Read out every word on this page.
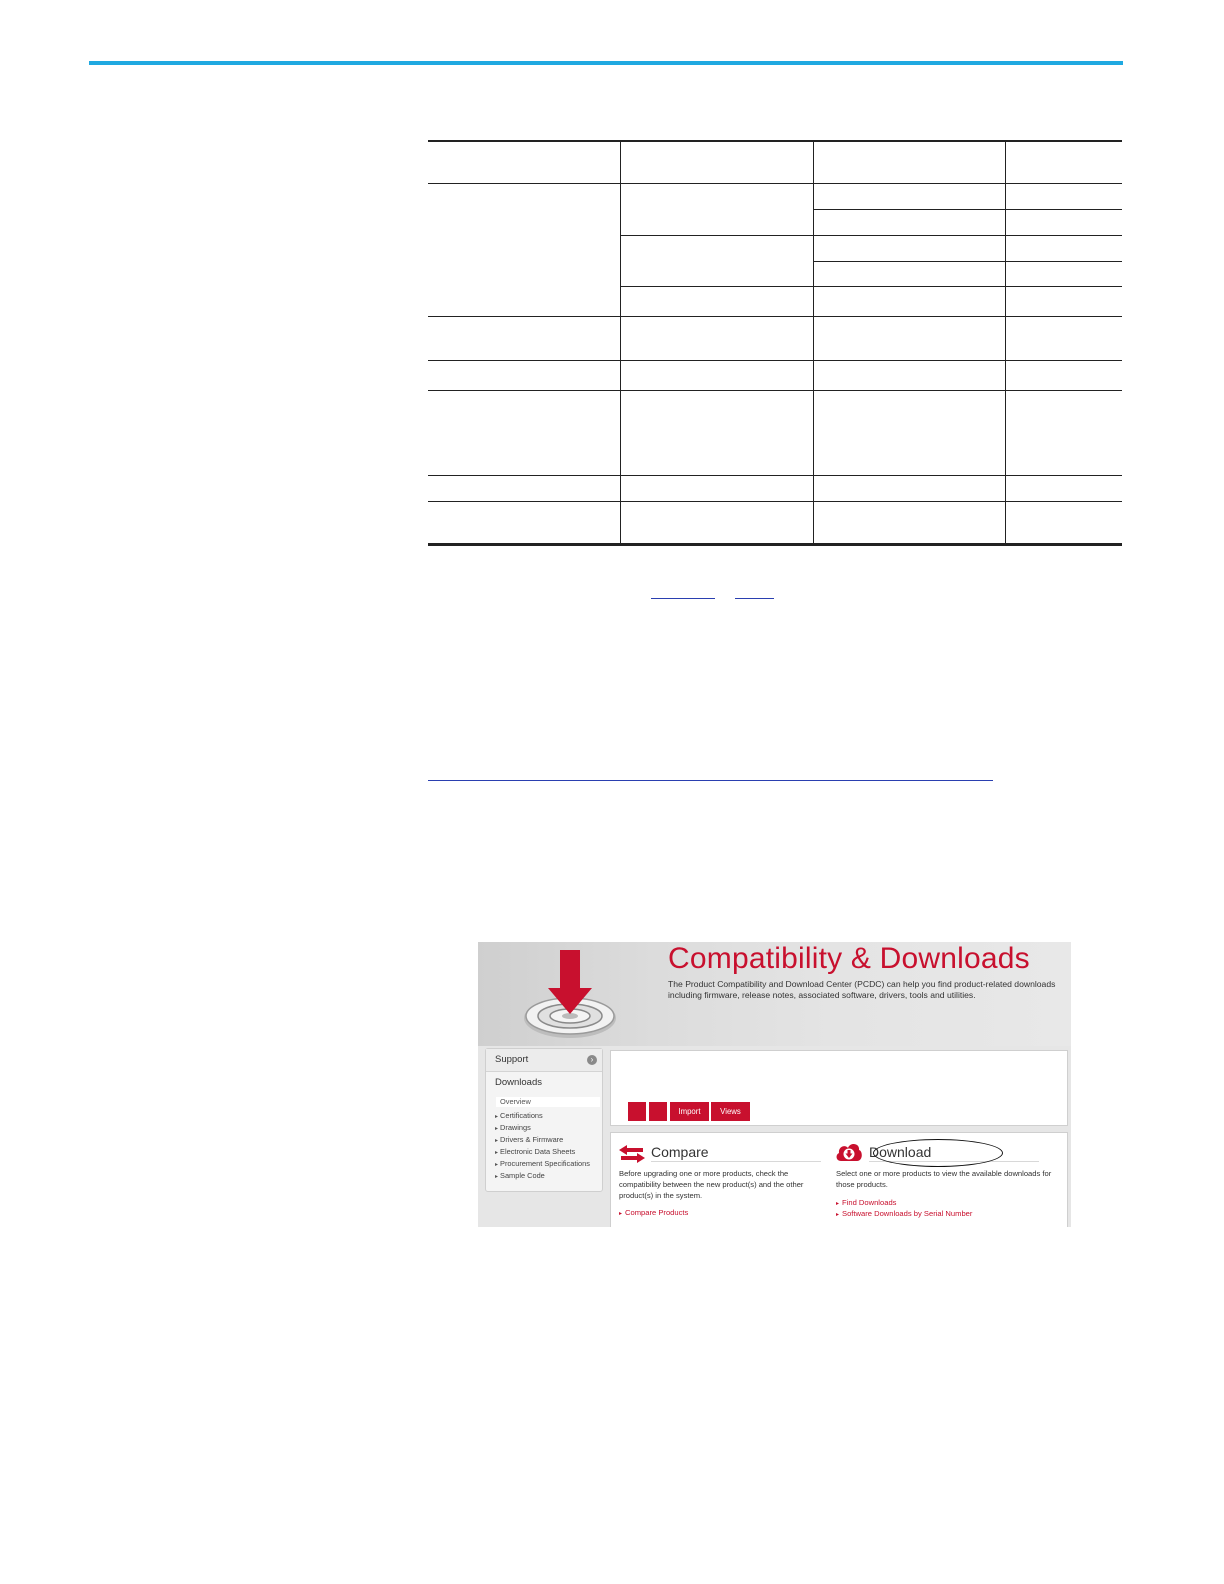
Compatibility & Downloads
The Product Compatibility and Download Center (PCDC) can help you find product-related downloads including firmware, release notes, associated software, drivers, tools and utilities.
Support	›
Downloads
Overview
▸ Certifications
▸ Drawings
▸ Drivers & Firmware
▸ Electronic Data Sheets
▸ Procurement Specifications
▸ Sample Code
Import	Views
Compare
Before upgrading one or more products, check the compatibility between the new product(s) and the other product(s) in the system.
▸ Compare Products
Download
Select one or more products to view the available downloads for those products.
▸ Find Downloads
▸ Software Downloads by Serial Number
